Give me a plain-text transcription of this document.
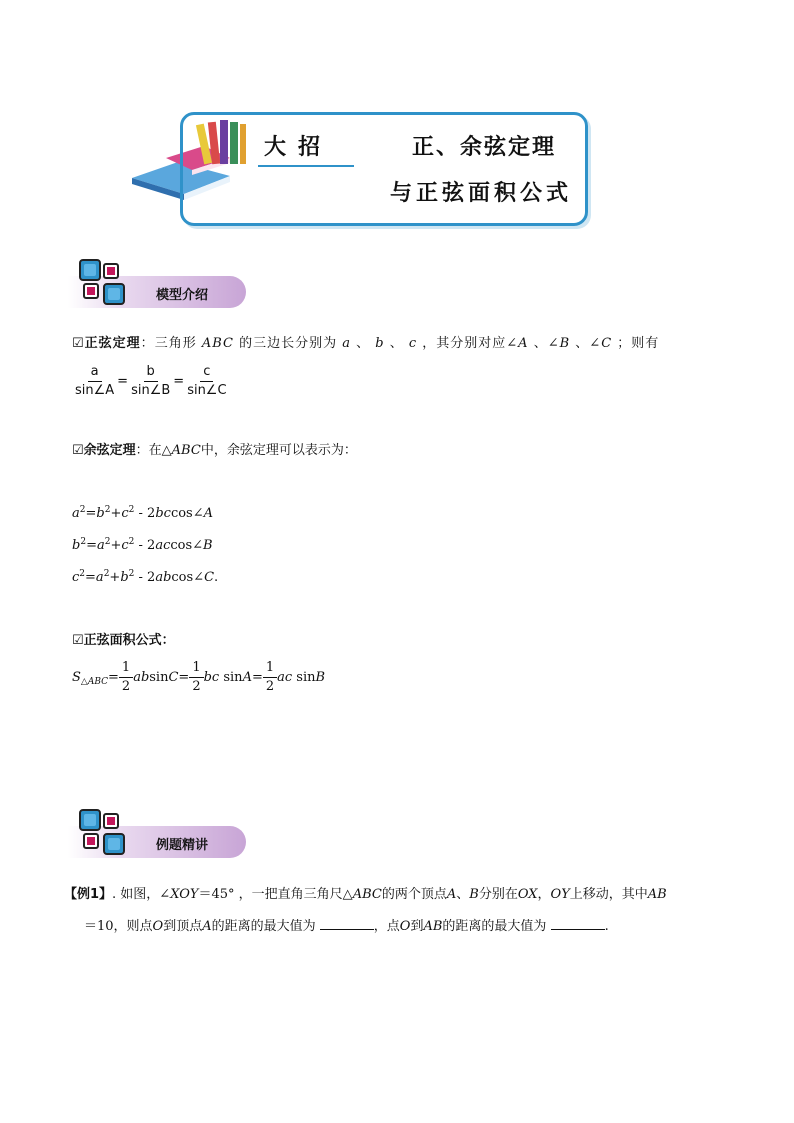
大招	正、余弦定理
与正弦面积公式
模型介绍
☑正弦定理：三角形 ABC 的三边长分别为 a 、 b 、 c ，其分别对应∠A 、∠B 、∠C ；则有
$\frac{a}{\sin\angle A} = \frac{b}{\sin\angle B} = \frac{c}{\sin\angle C}$
☑余弦定理：在△ABC中，余弦定理可以表示为：
$a^2=b^2+c^2$ - 2bccos∠A
$b^2=a^2+c^2$ - 2accos∠B
$c^2=a^2+b^2$ - 2abcos∠C.
☑正弦面积公式：
$S_{\triangle ABC}= \frac{1}{2} absinC= \frac{1}{2}$ bc $\sin A= \frac{1}{2}$ ac sinB
例题精讲
【例1】. 如图，∠XOY＝45° ，一把直角三角尺△ABC的两个顶点A、B分别在OX，OY上移动，其中AB
＝10，则点O到顶点A的距离的最大值为	，点O到AB的距离的最大值为	.
